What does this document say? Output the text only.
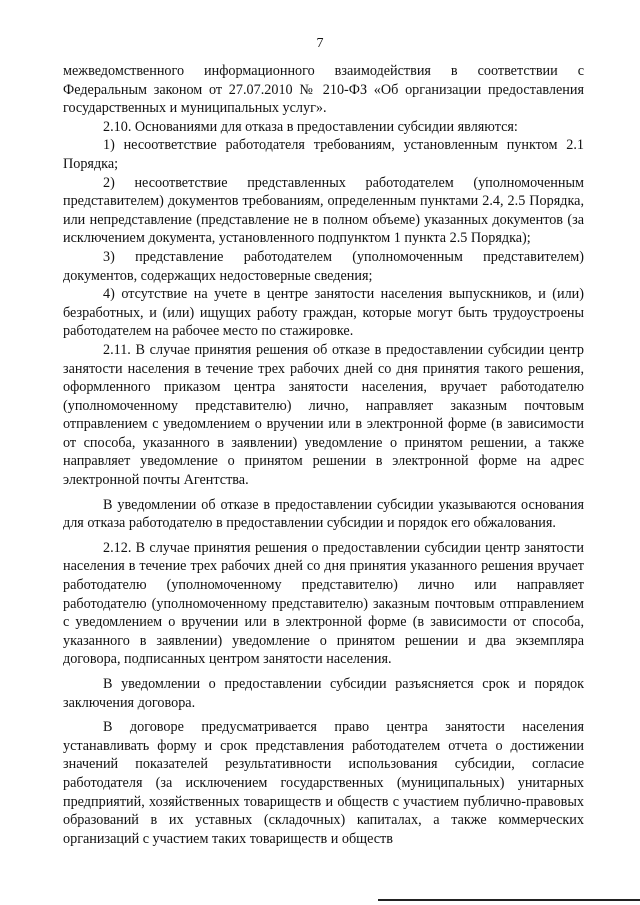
7

межведомственного информационного взаимодействия в соответствии с Федеральным законом от 27.07.2010 № 210-ФЗ «Об организации предоставления государственных и муниципальных услуг».

2.10. Основаниями для отказа в предоставлении субсидии являются:

1) несоответствие работодателя требованиям, установленным пунктом 2.1 Порядка;

2) несоответствие представленных работодателем (уполномоченным представителем) документов требованиям, определенным пунктами 2.4, 2.5 Порядка, или непредставление (представление не в полном объеме) указанных документов (за исключением документа, установленного подпунктом 1 пункта 2.5 Порядка);

3) представление работодателем (уполномоченным представителем) документов, содержащих недостоверные сведения;

4) отсутствие на учете в центре занятости населения выпускников, и (или) безработных, и (или) ищущих работу граждан, которые могут быть трудоустроены работодателем на рабочее место по стажировке.

2.11. В случае принятия решения об отказе в предоставлении субсидии центр занятости населения в течение трех рабочих дней со дня принятия такого решения, оформленного приказом центра занятости населения, вручает работодателю (уполномоченному представителю) лично, направляет заказным почтовым отправлением с уведомлением о вручении или в электронной форме (в зависимости от способа, указанного в заявлении) уведомление о принятом решении, а также направляет уведомление о принятом решении в электронной форме на адрес электронной почты Агентства.

В уведомлении об отказе в предоставлении субсидии указываются основания для отказа работодателю в предоставлении субсидии и порядок его обжалования.

2.12. В случае принятия решения о предоставлении субсидии центр занятости населения в течение трех рабочих дней со дня принятия указанного решения вручает работодателю (уполномоченному представителю) лично или направляет работодателю (уполномоченному представителю) заказным почтовым отправлением с уведомлением о вручении или в электронной форме (в зависимости от способа, указанного в заявлении) уведомление о принятом решении и два экземпляра договора, подписанных центром занятости населения.

В уведомлении о предоставлении субсидии разъясняется срок и порядок заключения договора.

В договоре предусматривается право центра занятости населения устанавливать форму и срок представления работодателем отчета о достижении значений показателей результативности использования субсидии, согласие работодателя (за исключением государственных (муниципальных) унитарных предприятий, хозяйственных товариществ и обществ с участием публично-правовых образований в их уставных (складочных) капиталах, а также коммерческих организаций с участием таких товариществ и обществ
